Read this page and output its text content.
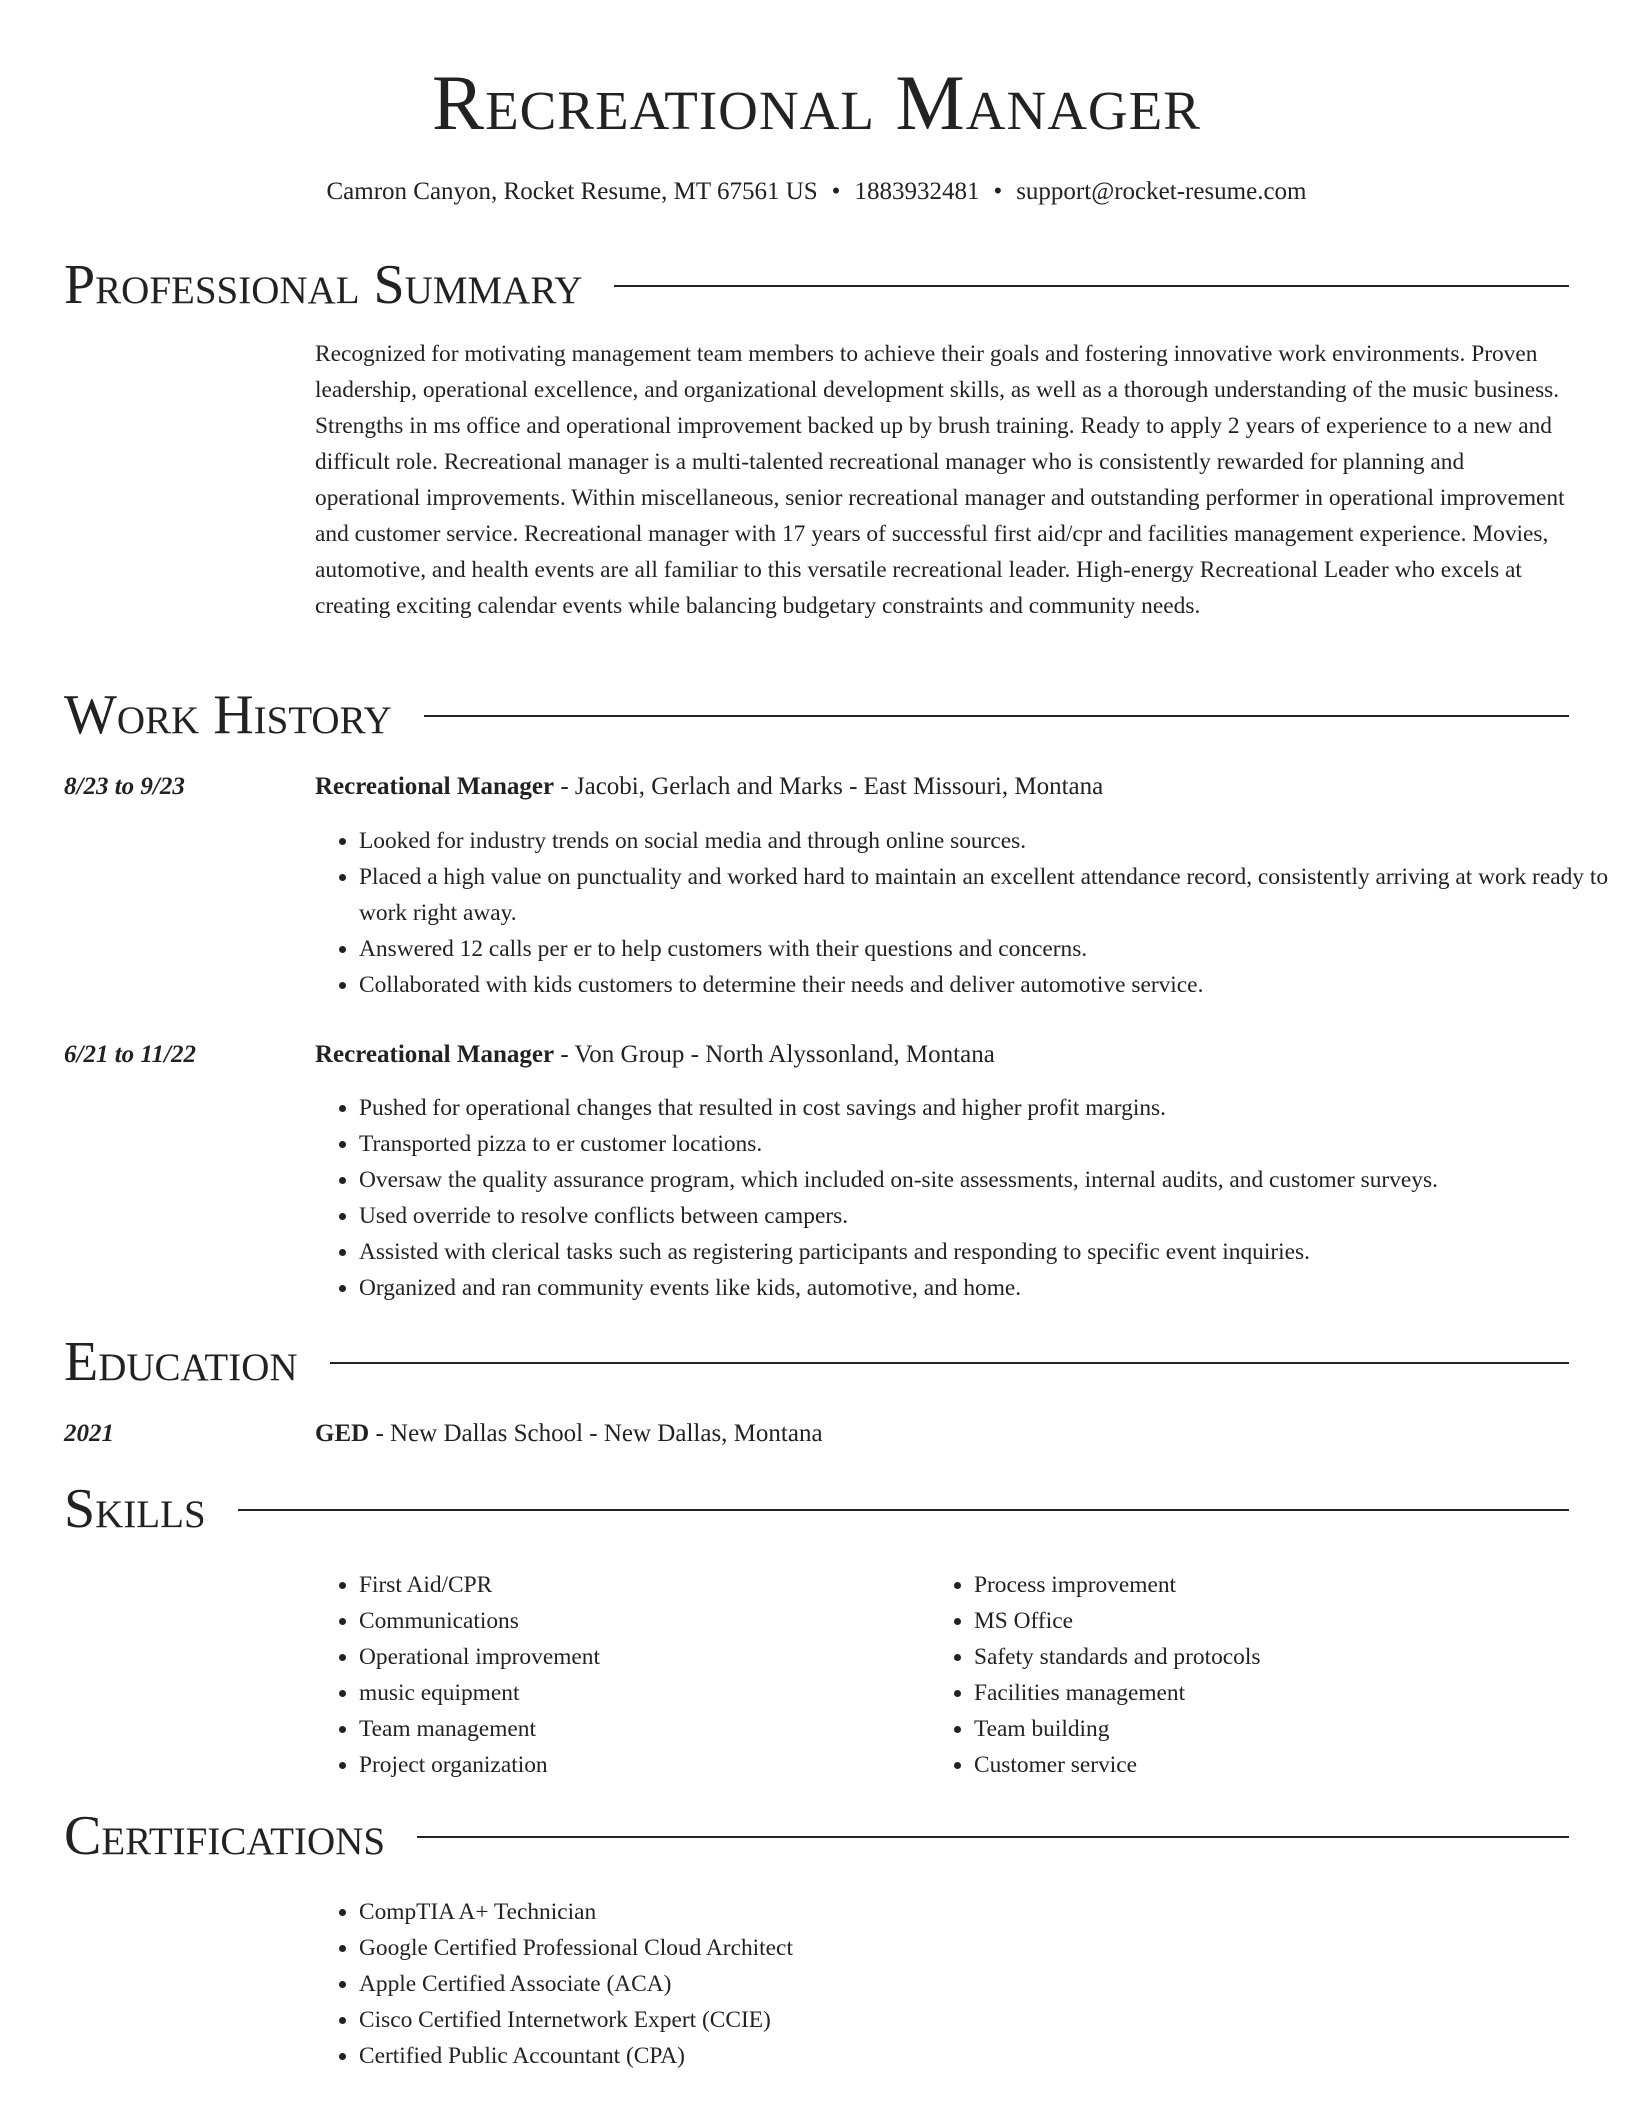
Recreational Manager
Camron Canyon, Rocket Resume, MT 67561 US • 1883932481 • support@rocket-resume.com
Professional Summary

Recognized for motivating management team members to achieve their goals and fostering innovative work environments. Proven leadership, operational excellence, and organizational development skills, as well as a thorough understanding of the music business. Strengths in ms office and operational improvement backed up by brush training. Ready to apply 2 years of experience to a new and difficult role. Recreational manager is a multi-talented recreational manager who is consistently rewarded for planning and operational improvements. Within miscellaneous, senior recreational manager and outstanding performer in operational improvement and customer service. Recreational manager with 17 years of successful first aid/cpr and facilities management experience. Movies, automotive, and health events are all familiar to this versatile recreational leader. High-energy Recreational Leader who excels at creating exciting calendar events while balancing budgetary constraints and community needs.

Work History
8/23 to 9/23	Recreational Manager - Jacobi, Gerlach and Marks - East Missouri, Montana
• Looked for industry trends on social media and through online sources.
• Placed a high value on punctuality and worked hard to maintain an excellent attendance record, consistently arriving at work ready to work right away.
• Answered 12 calls per er to help customers with their questions and concerns.
• Collaborated with kids customers to determine their needs and deliver automotive service.
6/21 to 11/22	Recreational Manager - Von Group - North Alyssonland, Montana
• Pushed for operational changes that resulted in cost savings and higher profit margins.
• Transported pizza to er customer locations.
• Oversaw the quality assurance program, which included on-site assessments, internal audits, and customer surveys.
• Used override to resolve conflicts between campers.
• Assisted with clerical tasks such as registering participants and responding to specific event inquiries.
• Organized and ran community events like kids, automotive, and home.
Education
2021	GED - New Dallas School - New Dallas, Montana
Skills
• First Aid/CPR
• Communications
• Operational improvement
• music equipment
• Team management
• Project organization
• Process improvement
• MS Office
• Safety standards and protocols
• Facilities management
• Team building
• Customer service
Certifications
• CompTIA A+ Technician
• Google Certified Professional Cloud Architect
• Apple Certified Associate (ACA)
• Cisco Certified Internetwork Expert (CCIE)
• Certified Public Accountant (CPA)
